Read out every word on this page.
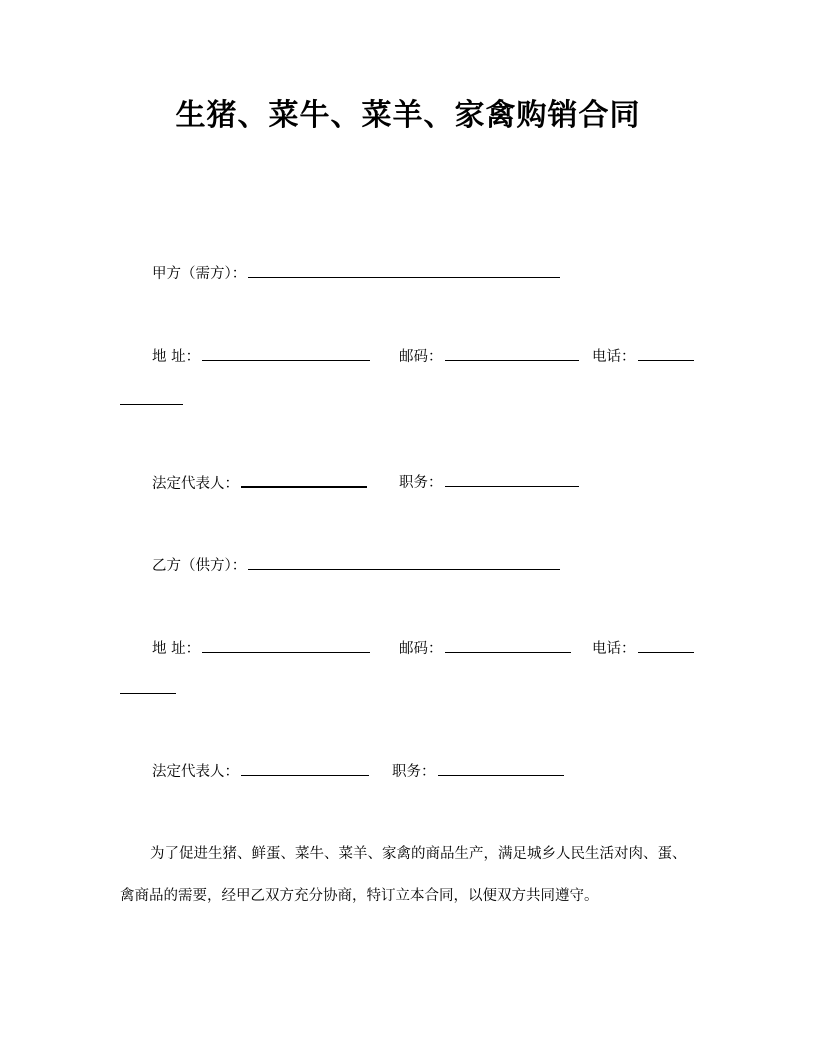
生猪、菜牛、菜羊、家禽购销合同
甲方（需方）：
地 址：	邮码：	电话：
法定代表人：	职务：
乙方（供方）：
地 址：	邮码：	电话：
法定代表人：	职务：
为了促进生猪、鲜蛋、菜牛、菜羊、家禽的商品生产，满足城乡人民生活对肉、蛋、禽商品的需要，经甲乙双方充分协商，特订立本合同，以便双方共同遵守。
